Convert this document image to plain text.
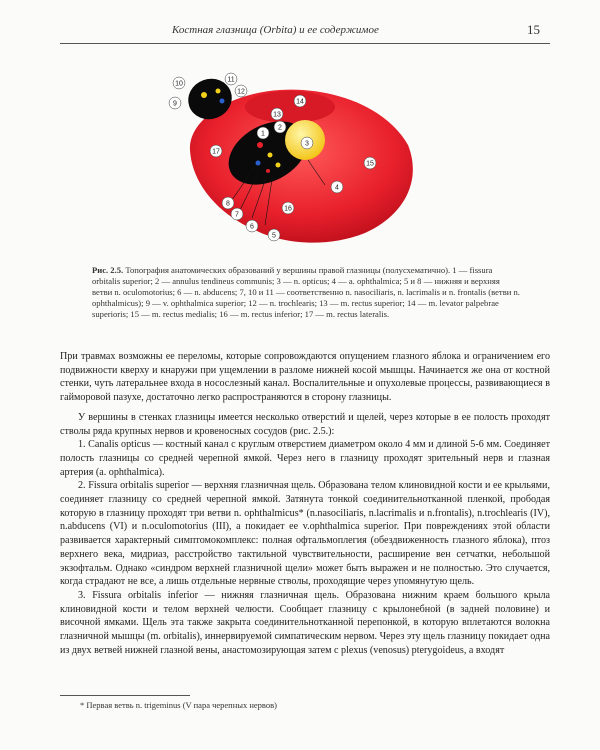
Костная глазница (Orbita) и ее содержимое	15
10
11
9
12
14
13
2
1
3
17
15
4
8
7
16
6
5

Рис. 2.5. Топография анатомических образований у вершины правой глазницы (полусхематично). 1 — fissura orbitalis superior; 2 — annulus tendineus communis; 3 — n. opticus; 4 — a. ophthalmica; 5 и 8 — нижняя и верхняя ветви n. oculomotorius; 6 — n. abducens; 7, 10 и 11 — соответственно n. nasociliaris, n. lacrimalis и n. frontalis (ветви n. ophthalmicus); 9 — v. ophthalmica superior; 12 — n. trochlearis; 13 — m. rectus superior; 14 — m. levator palpebrae superioris; 15 — m. rectus medialis; 16 — m. rectus inferior; 17 — m. rectus lateralis.

При травмах возможны ее переломы, которые сопровождаются опущением глазного яблока и ограничением его подвижности кверху и кнаружи при ущемлении в разломе нижней косой мышцы. Начинается же она от костной стенки, чуть латеральнее входа в носослезный канал. Воспалительные и опухолевые процессы, развивающиеся в гайморовой пазухе, достаточно легко распространяются в сторону глазницы.

У вершины в стенках глазницы имеется несколько отверстий и щелей, через которые в ее полость проходят стволы ряда крупных нервов и кровеносных сосудов (рис. 2.5.):

1. Canalis opticus — костный канал с круглым отверстием диаметром около 4 мм и длиной 5-6 мм. Соединяет полость глазницы со средней черепной ямкой. Через него в глазницу проходят зрительный нерв и глазная артерия (a. ophthalmica).

2. Fissura orbitalis superior — верхняя глазничная щель. Образована телом клиновидной кости и ее крыльями, соединяет глазницу со средней черепной ямкой. Затянута тонкой соединительнотканной пленкой, прободая которую в глазницу проходят три ветви n. ophthalmicus* (n.nasociliaris, n.lacrimalis и n.frontalis), n.trochlearis (IV), n.abducens (VI) и n.oculomotorius (III), а покидает ее v.ophthalmica superior. При повреждениях этой области развивается характерный симптомокомплекс: полная офтальмоплегия (обездвиженность глазного яблока), птоз верхнего века, мидриаз, расстройство тактильной чувствительности, расширение вен сетчатки, небольшой экзофтальм. Однако «синдром верхней глазничной щели» может быть выражен и не полностью. Это случается, когда страдают не все, а лишь отдельные нервные стволы, проходящие через упомянутую щель.

3. Fissura orbitalis inferior — нижняя глазничная щель. Образована нижним краем большого крыла клиновидной кости и телом верхней челюсти. Сообщает глазницу с крылонебной (в задней половине) и височной ямками. Щель эта также закрыта соединительнотканной перепонкой, в которую вплетаются волокна глазничной мышцы (m. orbitalis), иннервируемой симпатическим нервом. Через эту щель глазницу покидает одна из двух ветвей нижней глазной вены, анастомозирующая затем с plexus (venosus) pterygoideus, а входят

* Первая ветвь n. trigeminus (V пара черепных нервов)
